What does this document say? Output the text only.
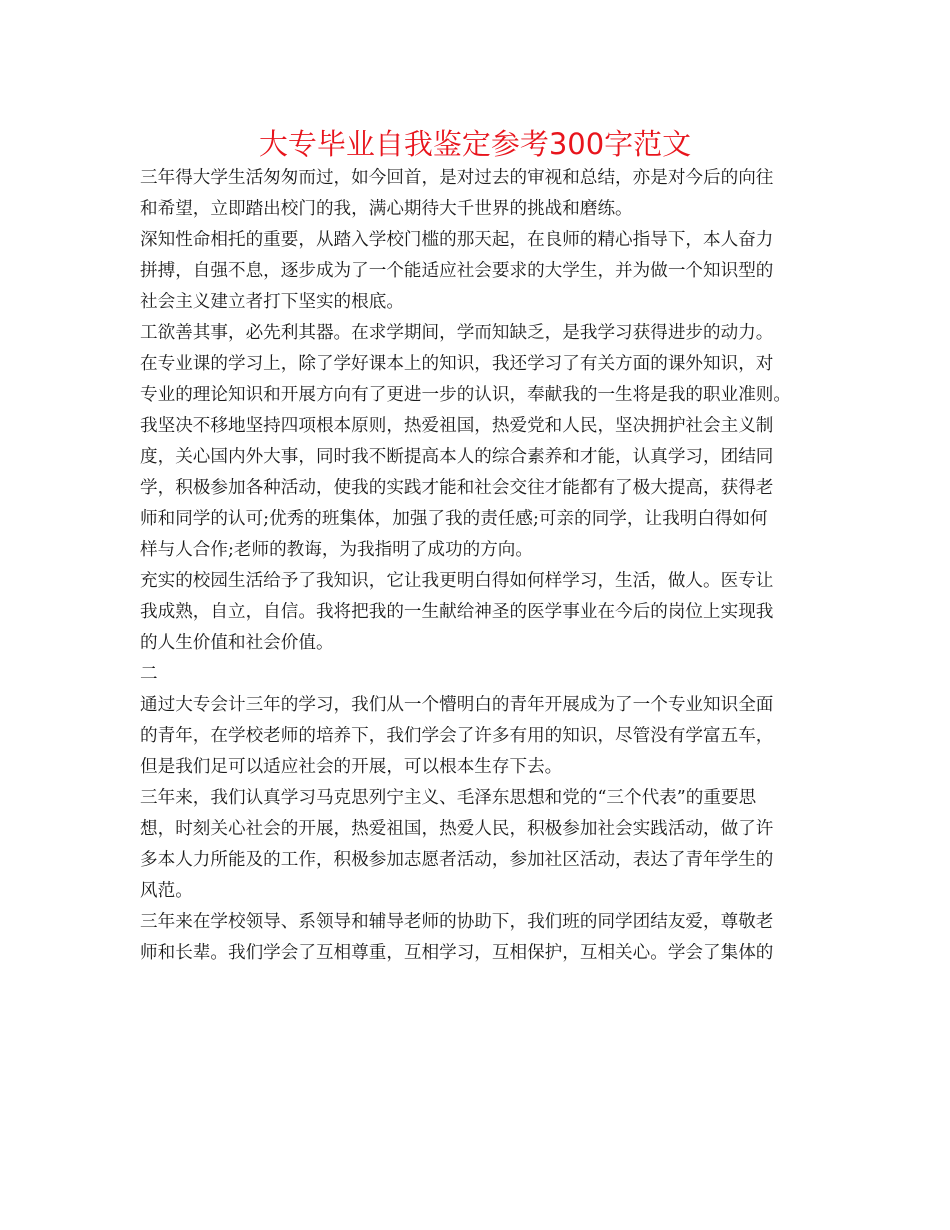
大专毕业自我鉴定参考300字范文

三年得大学生活匆匆而过，如今回首，是对过去的审视和总结，亦是对今后的向往

和希望，立即踏出校门的我，满心期待大千世界的挑战和磨练。

深知性命相托的重要，从踏入学校门槛的那天起，在良师的精心指导下，本人奋力

拼搏，自强不息，逐步成为了一个能适应社会要求的大学生，并为做一个知识型的

社会主义建立者打下坚实的根底。

工欲善其事，必先利其器。在求学期间，学而知缺乏，是我学习获得进步的动力。

在专业课的学习上，除了学好课本上的知识，我还学习了有关方面的课外知识，对

专业的理论知识和开展方向有了更进一步的认识，奉献我的一生将是我的职业准则。

我坚决不移地坚持四项根本原则，热爱祖国，热爱党和人民，坚决拥护社会主义制

度，关心国内外大事，同时我不断提高本人的综合素养和才能，认真学习，团结同

学，积极参加各种活动，使我的实践才能和社会交往才能都有了极大提高，获得老

师和同学的认可;优秀的班集体，加强了我的责任感;可亲的同学，让我明白得如何

样与人合作;老师的教诲，为我指明了成功的方向。

充实的校园生活给予了我知识，它让我更明白得如何样学习，生活，做人。医专让

我成熟，自立，自信。我将把我的一生献给神圣的医学事业在今后的岗位上实现我

的人生价值和社会价值。

二

通过大专会计三年的学习，我们从一个懵明白的青年开展成为了一个专业知识全面

的青年，在学校老师的培养下，我们学会了许多有用的知识，尽管没有学富五车，

但是我们足可以适应社会的开展，可以根本生存下去。

三年来，我们认真学习马克思列宁主义、毛泽东思想和党的“三个代表”的重要思

想，时刻关心社会的开展，热爱祖国，热爱人民，积极参加社会实践活动，做了许

多本人力所能及的工作，积极参加志愿者活动，参加社区活动，表达了青年学生的

风范。

三年来在学校领导、系领导和辅导老师的协助下，我们班的同学团结友爱，尊敬老

师和长辈。我们学会了互相尊重，互相学习，互相保护，互相关心。学会了集体的
